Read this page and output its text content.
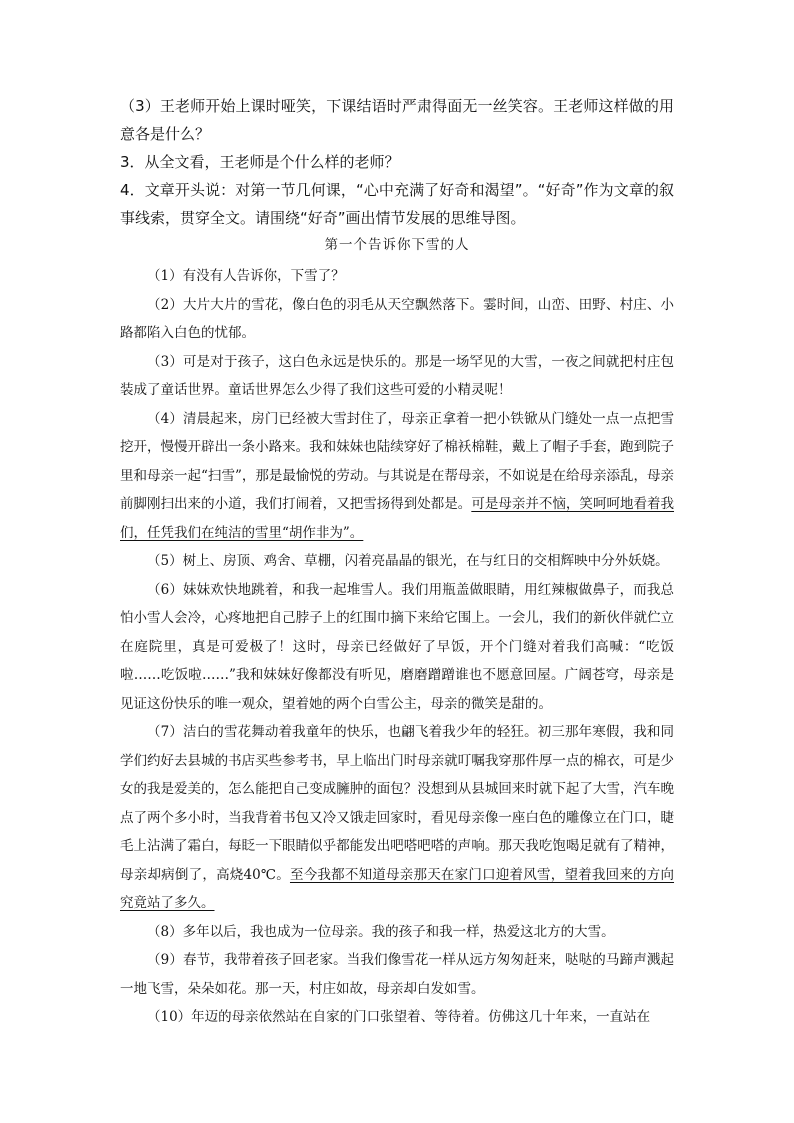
（3）王老师开始上课时哑笑，下课结语时严肃得面无一丝笑容。王老师这样做的用意各是什么？

3．从全文看，王老师是个什么样的老师？

4．文章开头说：对第一节几何课，“心中充满了好奇和渴望”。“好奇”作为文章的叙事线索，贯穿全文。请围绕“好奇”画出情节发展的思维导图。

第一个告诉你下雪的人

（1）有没有人告诉你，下雪了？

（2）大片大片的雪花，像白色的羽毛从天空飘然落下。霎时间，山峦、田野、村庄、小路都陷入白色的忧郁。

（3）可是对于孩子，这白色永远是快乐的。那是一场罕见的大雪，一夜之间就把村庄包装成了童话世界。童话世界怎么少得了我们这些可爱的小精灵呢！

（4）清晨起来，房门已经被大雪封住了，母亲正拿着一把小铁锨从门缝处一点一点把雪挖开，慢慢开辟出一条小路来。我和妹妹也陆续穿好了棉袄棉鞋，戴上了帽子手套，跑到院子里和母亲一起“扫雪”，那是最愉悦的劳动。与其说是在帮母亲，不如说是在给母亲添乱，母亲前脚刚扫出来的小道，我们打闹着，又把雪扬得到处都是。可是母亲并不恼，笑呵呵地看着我们，任凭我们在纯洁的雪里“胡作非为”。

（5）树上、房顶、鸡舍、草棚，闪着亮晶晶的银光，在与红日的交相辉映中分外妖娆。

（6）妹妹欢快地跳着，和我一起堆雪人。我们用瓶盖做眼睛，用红辣椒做鼻子，而我总怕小雪人会冷，心疼地把自己脖子上的红围巾摘下来给它围上。一会儿，我们的新伙伴就伫立在庭院里，真是可爱极了！这时，母亲已经做好了早饭，开个门缝对着我们高喊：“吃饭啦……吃饭啦……”我和妹妹好像都没有听见，磨磨蹭蹭谁也不愿意回屋。广阔苍穹，母亲是见证这份快乐的唯一观众，望着她的两个白雪公主，母亲的微笑是甜的。

（7）洁白的雪花舞动着我童年的快乐，也翩飞着我少年的轻狂。初三那年寒假，我和同学们约好去县城的书店买些参考书，早上临出门时母亲就叮嘱我穿那件厚一点的棉衣，可是少女的我是爱美的，怎么能把自己变成臃肿的面包？没想到从县城回来时就下起了大雪，汽车晚点了两个多小时，当我背着书包又冷又饿走回家时，看见母亲像一座白色的雕像立在门口，睫毛上沾满了霜白，每眨一下眼睛似乎都能发出吧嗒吧嗒的声响。那天我吃饱喝足就有了精神，母亲却病倒了，高烧40℃。至今我都不知道母亲那天在家门口迎着风雪，望着我回来的方向究竟站了多久。

（8）多年以后，我也成为一位母亲。我的孩子和我一样，热爱这北方的大雪。

（9）春节，我带着孩子回老家。当我们像雪花一样从远方匆匆赶来，哒哒的马蹄声溅起一地飞雪，朵朵如花。那一天，村庄如故，母亲却白发如雪。

（10）年迈的母亲依然站在自家的门口张望着、等待着。仿佛这几十年来，一直站在
